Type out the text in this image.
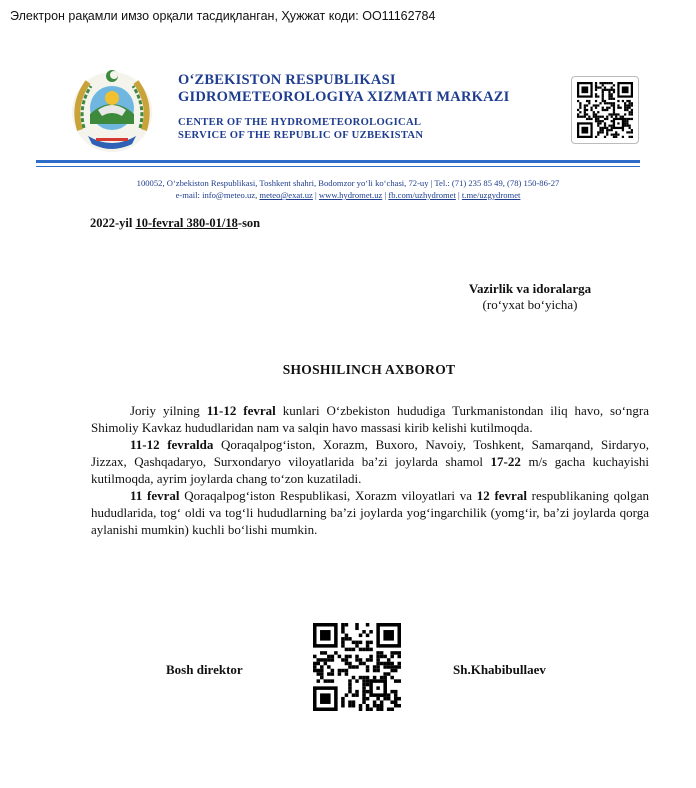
Электрон рақамли имзо орқали тасдиқланган, Ҳужжат коди: ОО11162784
O‘ZBEKISTON RESPUBLIKASI
GIDROMETEOROLOGIYA XIZMATI MARKAZI
CENTER OF THE HYDROMETEOROLOGICAL
SERVICE OF THE REPUBLIC OF UZBEKISTAN
100052, O‘zbekiston Respublikasi, Toshkent shahri, Bodomzor yo‘li ko‘chasi, 72-uy | Tel.: (71) 235 85 49, (78) 150-86-27
e-mail: info@meteo.uz, meteo@exat.uz | www.hydromet.uz | fb.com/uzhydromet | t.me/uzgydromet
2022-yil 10-fevral 380-01/18-son
Vazirlik va idoralarga
(ro‘yxat bo‘yicha)
SHOSHILINCH AXBOROT

Joriy yilning 11-12 fevral kunlari O‘zbekiston hududiga Turkmanistondan iliq havo, so‘ngra Shimoliy Kavkaz hududlaridan nam va salqin havo massasi kirib kelishi kutilmoqda.

11-12 fevralda Qoraqalpog‘iston, Xorazm, Buxoro, Navoiy, Toshkent, Samarqand, Sirdaryo, Jizzax, Qashqadaryo, Surxondaryo viloyatlarida ba’zi joylarda shamol 17-22 m/s gacha kuchayishi kutilmoqda, ayrim joylarda chang to‘zon kuzatiladi.

11 fevral Qoraqalpog‘iston Respublikasi, Xorazm viloyatlari va 12 fevral respublikaning qolgan hududlarida, tog‘ oldi va tog‘li hududlarning ba’zi joylarda yog‘ingarchilik (yomg‘ir, ba’zi joylarda qorga aylanishi mumkin) kuchli bo‘lishi mumkin.

Bosh direktor	Sh.Khabibullaev
